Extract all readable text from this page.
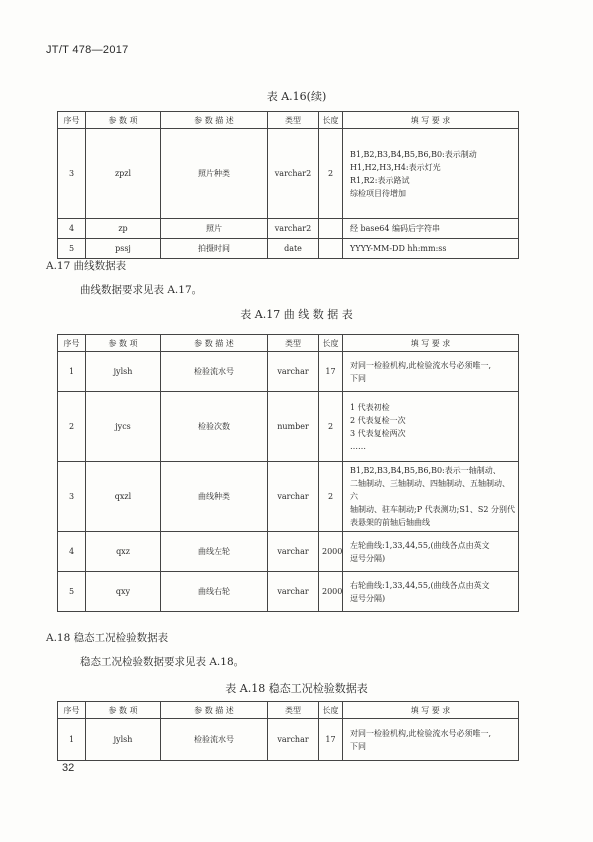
JT/T 478—2017
表 A.16(续)
序号	参 数 项	参 数 描 述	类型	长度	填 写 要 求
3	zpzl	照片种类	varchar2	2	B1,B2,B3,B4,B5,B6,B0:表示制动
H1,H2,H3,H4:表示灯光
R1,R2:表示路试
综检项目待增加

4	zp	照片	varchar2		经 base64 编码后字符串

5	pssj	拍摄时间	date		YYYY-MM-DD hh:mm:ss
A.17 曲线数据表
曲线数据要求见表 A.17。
表 A.17 曲 线 数 据 表
序号	参 数 项	参 数 描 述	类型	长度	填 写 要 求
1	jylsh	检验流水号	varchar	17	对同一检验机构,此检验流水号必须唯一,
下同

2	jycs	检验次数	number	2	1 代表初检
2 代表复检一次
3 代表复检两次
……

3	qxzl	曲线种类	varchar	2	B1,B2,B3,B4,B5,B6,B0:表示一轴制动、
二轴制动、三轴制动、四轴制动、五轴制动、六
轴制动、驻车制动;P 代表测功;S1、S2 分别代
表悬架的前轴后轴曲线

4	qxz	曲线左轮	varchar	2000	左轮曲线:1,33,44,55,(曲线各点由英文
逗号分隔)

5	qxy	曲线右轮	varchar	2000	右轮曲线:1,33,44,55,(曲线各点由英文
逗号分隔)
A.18 稳态工况检验数据表
稳态工况检验数据要求见表 A.18。
表 A.18 稳态工况检验数据表
序号	参 数 项	参 数 描 述	类型	长度	填 写 要 求
1	jylsh	检验流水号	varchar	17	对同一检验机构,此检验流水号必须唯一,
下同
32
